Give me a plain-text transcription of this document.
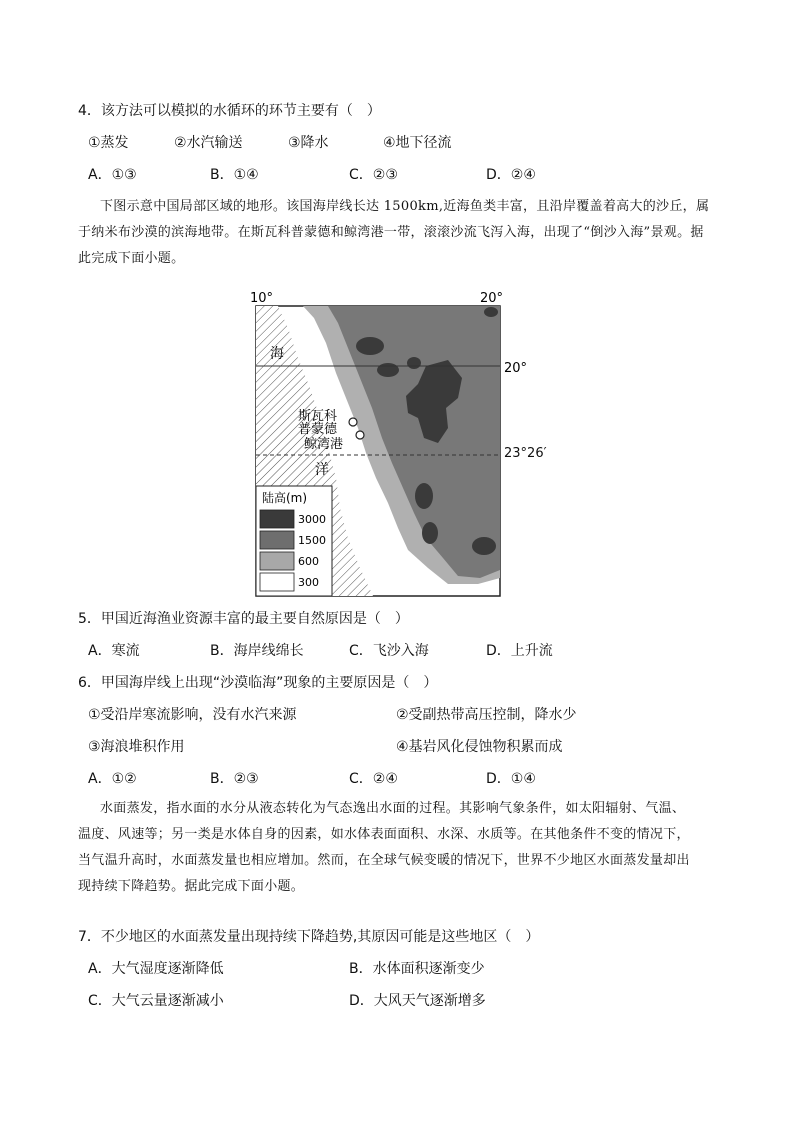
4．该方法可以模拟的水循环的环节主要有（　）
①蒸发	②水汽输送	③降水	④地下径流
A．①③	B．①④	C．②③	D．②④
下图示意中国局部区域的地形。该国海岸线长达 1500km,近海鱼类丰富，且沿岸覆盖着高大的沙丘，属
于纳米布沙漠的滨海地带。在斯瓦科普蒙德和鲸湾港一带，滚滚沙流飞泻入海，出现了“倒沙入海”景观。据
此完成下面小题。
10°	20°
20°
海
洋
斯瓦科
普蒙德
鲸湾港
陆高(m)
3000
1500
600
300
23°26′
5．甲国近海渔业资源丰富的最主要自然原因是（　）
A．寒流	B．海岸线绵长	C．飞沙入海	D．上升流
6．甲国海岸线上出现“沙漠临海”现象的主要原因是（　）
①受沿岸寒流影响，没有水汽来源	②受副热带高压控制，降水少
③海浪堆积作用	④基岩风化侵蚀物积累而成
A．①②	B．②③	C．②④	D．①④
水面蒸发，指水面的水分从液态转化为气态逸出水面的过程。其影响气象条件，如太阳辐射、气温、
温度、风速等；另一类是水体自身的因素，如水体表面面积、水深、水质等。在其他条件不变的情况下，
当气温升高时，水面蒸发量也相应增加。然而，在全球气候变暖的情况下，世界不少地区水面蒸发量却出
现持续下降趋势。据此完成下面小题。
7．不少地区的水面蒸发量出现持续下降趋势,其原因可能是这些地区（　）
A．大气湿度逐渐降低	B．水体面积逐渐变少
C．大气云量逐渐减小	D．大风天气逐渐增多
